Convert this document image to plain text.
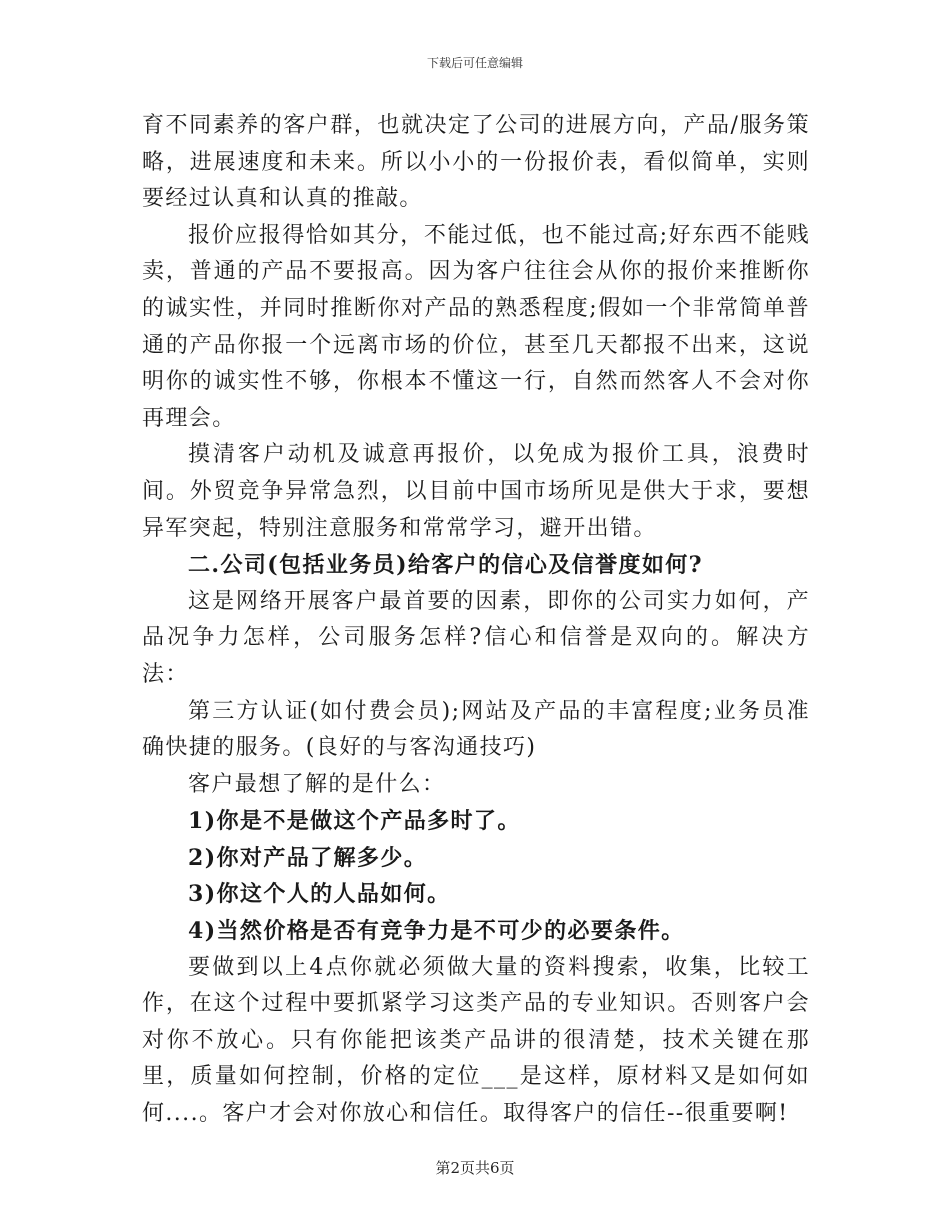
下载后可任意编辑

育不同素养的客户群，也就决定了公司的进展方向，产品/服务策略，进展速度和未来。所以小小的一份报价表，看似简单，实则要经过认真和认真的推敲。

报价应报得恰如其分，不能过低，也不能过高;好东西不能贱卖，普通的产品不要报高。因为客户往往会从你的报价来推断你的诚实性，并同时推断你对产品的熟悉程度;假如一个非常简单普通的产品你报一个远离市场的价位，甚至几天都报不出来，这说明你的诚实性不够，你根本不懂这一行，自然而然客人不会对你再理会。

摸清客户动机及诚意再报价，以免成为报价工具，浪费时间。外贸竞争异常急烈，以目前中国市场所见是供大于求，要想异军突起，特别注意服务和常常学习，避开出错。

二.公司(包括业务员)给客户的信心及信誉度如何?

这是网络开展客户最首要的因素，即你的公司实力如何，产品况争力怎样，公司服务怎样?信心和信誉是双向的。解决方法：

第三方认证(如付费会员);网站及产品的丰富程度;业务员准确快捷的服务。(良好的与客沟通技巧)

客户最想了解的是什么：

1)你是不是做这个产品多时了。

2)你对产品了解多少。

3)你这个人的人品如何。

4)当然价格是否有竞争力是不可少的必要条件。

要做到以上4点你就必须做大量的资料搜索，收集，比较工作，在这个过程中要抓紧学习这类产品的专业知识。否则客户会对你不放心。只有你能把该类产品讲的很清楚，技术关键在那里，质量如何控制，价格的定位___是这样，原材料又是如何如何....。客户才会对你放心和信任。取得客户的信任--很重要啊!

第2页共6页
